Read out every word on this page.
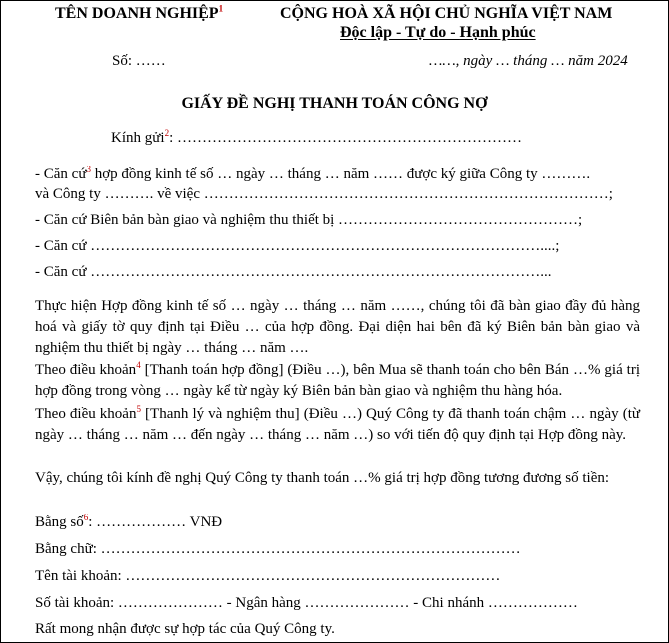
TÊN DOANH NGHIỆP$^1$	CỘNG HOÀ XÃ HỘI CHỦ NGHĨA VIỆT NAM
Độc lập - Tự do - Hạnh phúc
Số: ……	……, ngày … tháng … năm 2024
GIẤY ĐỀ NGHỊ THANH TOÁN CÔNG NỢ
Kính gửi$^2$: ……………………………………………………………
- Căn cứ$^3$ hợp đồng kinh tế số … ngày … tháng … năm …… được ký giữa Công ty ……….
và Công ty ………. về việc ………………………………………………………………………;
- Căn cứ Biên bản bàn giao và nghiệm thu thiết bị …………………………………………;
- Căn cứ ………………………………………………………………………………....;
- Căn cứ ………………………………………………………………………………...
Thực hiện Hợp đồng kinh tế số … ngày … tháng … năm ……, chúng tôi đã bàn giao đầy đủ hàng hoá và giấy tờ quy định tại Điều … của hợp đồng. Đại diện hai bên đã ký Biên bản bàn giao và nghiệm thu thiết bị ngày … tháng … năm ….
Theo điều khoản$^4$ [Thanh toán hợp đồng] (Điều …), bên Mua sẽ thanh toán cho bên Bán …% giá trị hợp đồng trong vòng … ngày kể từ ngày ký Biên bản bàn giao và nghiệm thu hàng hóa.
Theo điều khoản$^5$ [Thanh lý và nghiệm thu] (Điều …) Quý Công ty đã thanh toán chậm … ngày (từ ngày … tháng … năm … đến ngày … tháng … năm …) so với tiến độ quy định tại Hợp đồng này.
Vậy, chúng tôi kính đề nghị Quý Công ty thanh toán …% giá trị hợp đồng tương đương số tiền:
Bằng số$^6$: ……………… VNĐ
Bằng chữ: …………………………………………………………………………
Tên tài khoản: …………………………………………………………………
Số tài khoản: ………………… - Ngân hàng ………………… - Chi nhánh ………………
Rất mong nhận được sự hợp tác của Quý Công ty.
